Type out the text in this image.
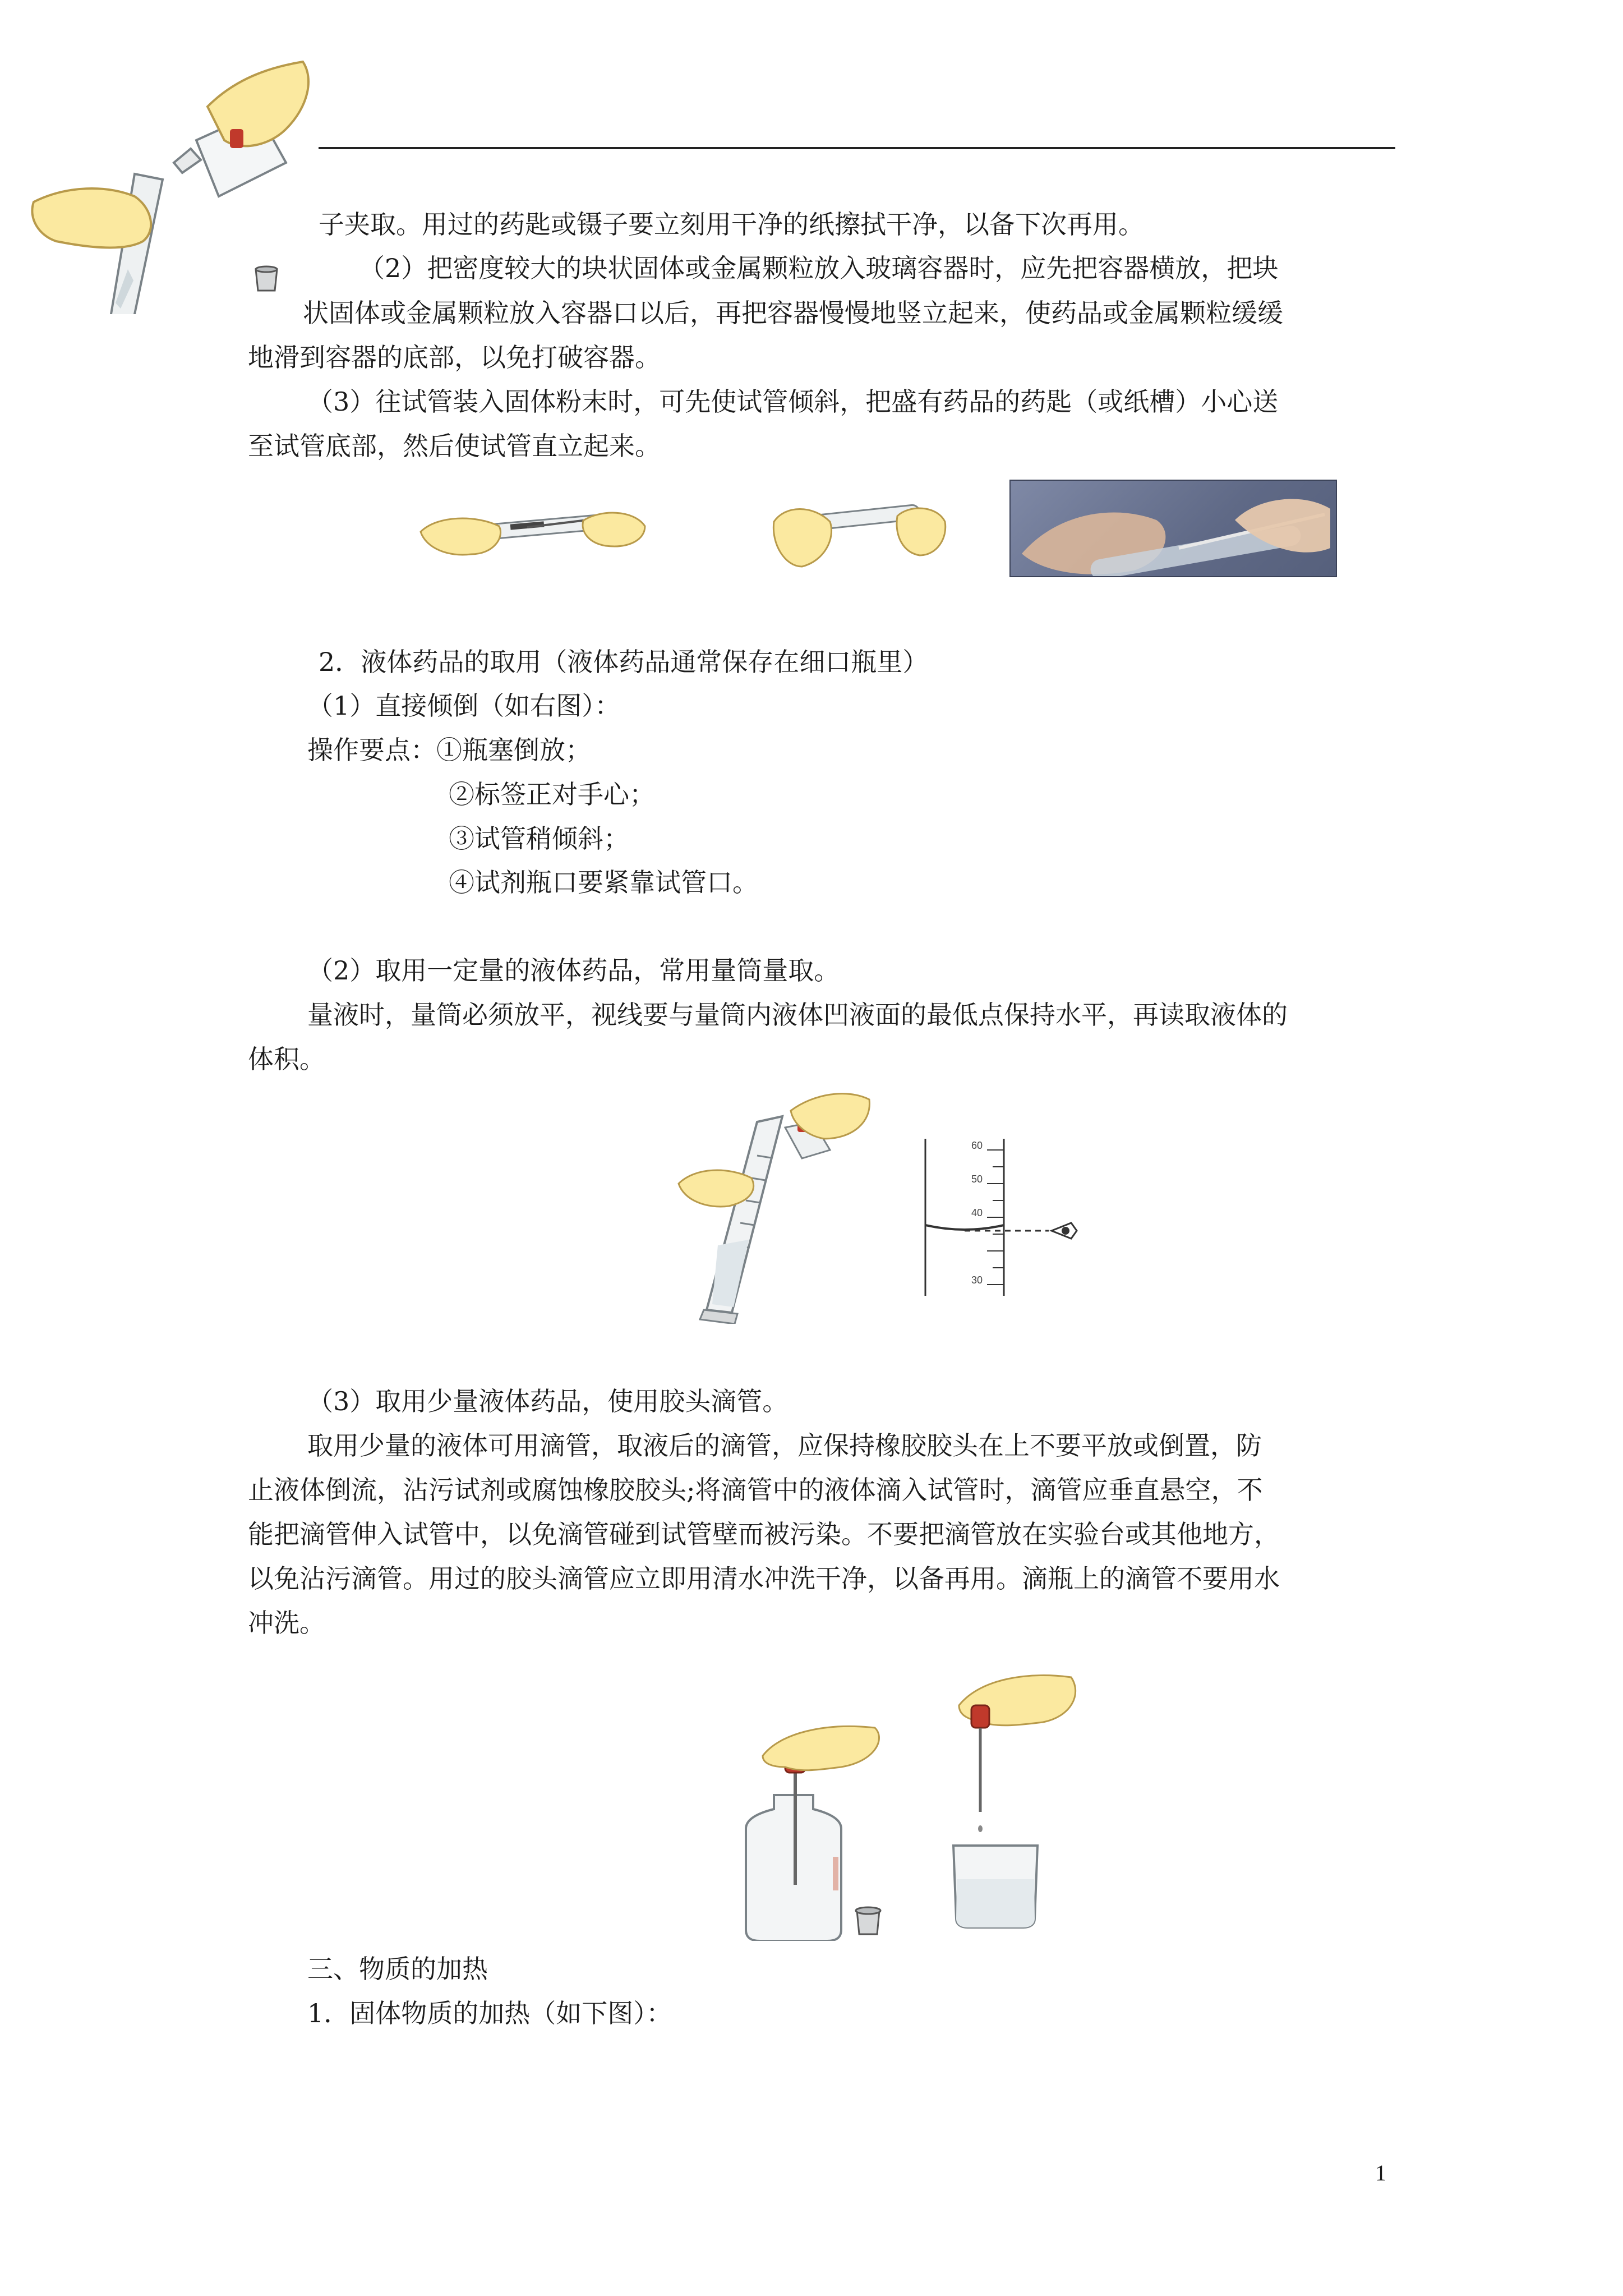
子夹取。用过的药匙或镊子要立刻用干净的纸擦拭干净，以备下次再用。
（2）把密度较大的块状固体或金属颗粒放入玻璃容器时，应先把容器横放，把块
状固体或金属颗粒放入容器口以后，再把容器慢慢地竖立起来，使药品或金属颗粒缓缓
地滑到容器的底部，以免打破容器。
（3）往试管装入固体粉末时，可先使试管倾斜，把盛有药品的药匙（或纸槽）小心送
至试管底部，然后使试管直立起来。
2．液体药品的取用（液体药品通常保存在细口瓶里）
（1）直接倾倒（如右图）：
操作要点：①瓶塞倒放；
②标签正对手心；
③试管稍倾斜；
④试剂瓶口要紧靠试管口。
（2）取用一定量的液体药品，常用量筒量取。
量液时，量筒必须放平，视线要与量筒内液体凹液面的最低点保持水平，再读取液体的
体积。
60
50
40
30
（3）取用少量液体药品，使用胶头滴管。
取用少量的液体可用滴管，取液后的滴管，应保持橡胶胶头在上不要平放或倒置，防
止液体倒流，沾污试剂或腐蚀橡胶胶头;将滴管中的液体滴入试管时，滴管应垂直悬空，不
能把滴管伸入试管中，以免滴管碰到试管壁而被污染。不要把滴管放在实验台或其他地方，
以免沾污滴管。用过的胶头滴管应立即用清水冲洗干净，以备再用。滴瓶上的滴管不要用水
冲洗。
三、物质的加热
1．固体物质的加热（如下图）：
1
